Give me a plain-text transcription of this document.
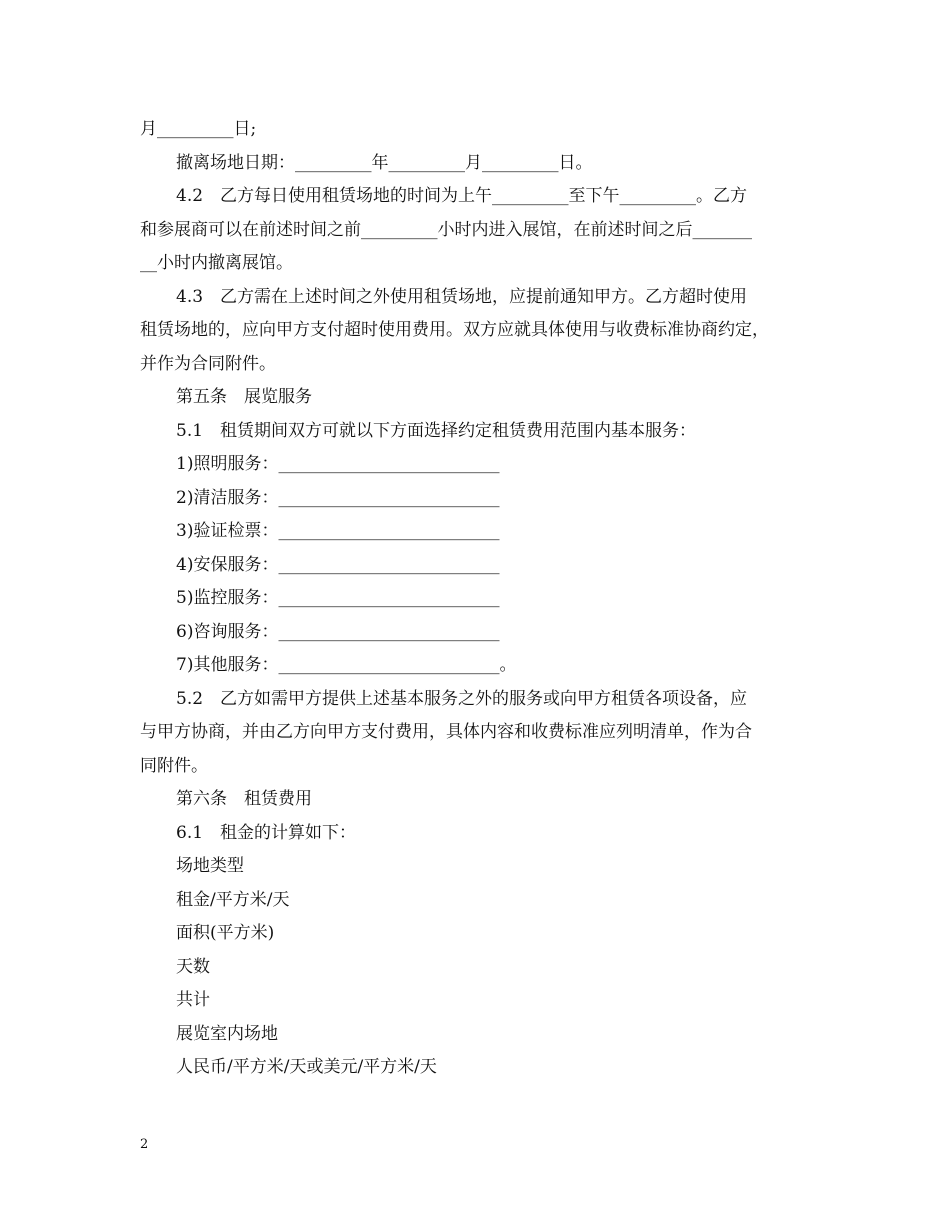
月_________日;
撤离场地日期：_________年_________月_________日。
4.2　乙方每日使用租赁场地的时间为上午_________至下午_________。乙方
和参展商可以在前述时间之前_________小时内进入展馆，在前述时间之后_______
__小时内撤离展馆。
4.3　乙方需在上述时间之外使用租赁场地，应提前通知甲方。乙方超时使用
租赁场地的，应向甲方支付超时使用费用。双方应就具体使用与收费标准协商约定，
并作为合同附件。
第五条　展览服务
5.1　租赁期间双方可就以下方面选择约定租赁费用范围内基本服务：
1)照明服务：__________________________
2)清洁服务：__________________________
3)验证检票：__________________________
4)安保服务：__________________________
5)监控服务：__________________________
6)咨询服务：__________________________
7)其他服务：__________________________。
5.2　乙方如需甲方提供上述基本服务之外的服务或向甲方租赁各项设备，应
与甲方协商，并由乙方向甲方支付费用，具体内容和收费标准应列明清单，作为合
同附件。
第六条　租赁费用
6.1　租金的计算如下：
场地类型
租金/平方米/天
面积(平方米)
天数
共计
展览室内场地
人民币/平方米/天或美元/平方米/天
2
